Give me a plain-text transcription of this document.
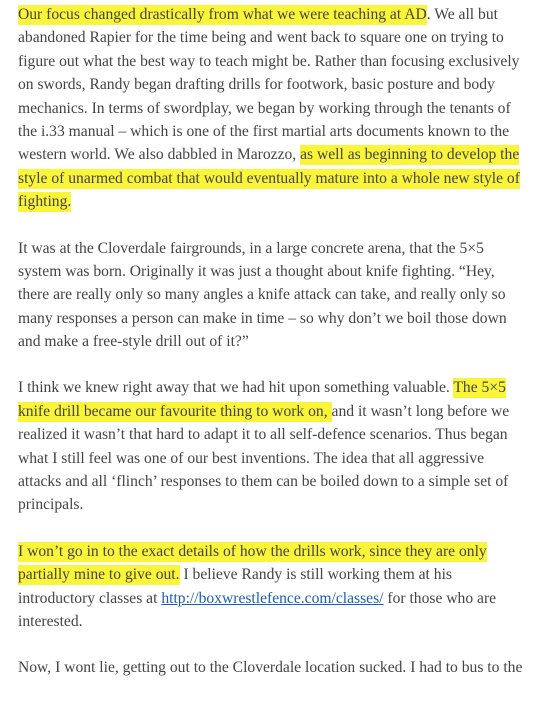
Our focus changed drastically from what we were teaching at AD. We all but
abandoned Rapier for the time being and went back to square one on trying to
figure out what the best way to teach might be. Rather than focusing exclusively
on swords, Randy began drafting drills for footwork, basic posture and body
mechanics. In terms of swordplay, we began by working through the tenants of
the i.33 manual – which is one of the first martial arts documents known to the
western world. We also dabbled in Marozzo, as well as beginning to develop the
style of unarmed combat that would eventually mature into a whole new style of
fighting.

It was at the Cloverdale fairgrounds, in a large concrete arena, that the 5×5
system was born. Originally it was just a thought about knife fighting. “Hey,
there are really only so many angles a knife attack can take, and really only so
many responses a person can make in time – so why don’t we boil those down
and make a free-style drill out of it?”

I think we knew right away that we had hit upon something valuable. The 5×5
knife drill became our favourite thing to work on, and it wasn’t long before we
realized it wasn’t that hard to adapt it to all self-defence scenarios. Thus began
what I still feel was one of our best inventions. The idea that all aggressive
attacks and all ‘flinch’ responses to them can be boiled down to a simple set of
principals.

I won’t go in to the exact details of how the drills work, since they are only
partially mine to give out. I believe Randy is still working them at his
introductory classes at http://boxwrestlefence.com/classes/ for those who are
interested.

Now, I wont lie, getting out to the Cloverdale location sucked. I had to bus to the
